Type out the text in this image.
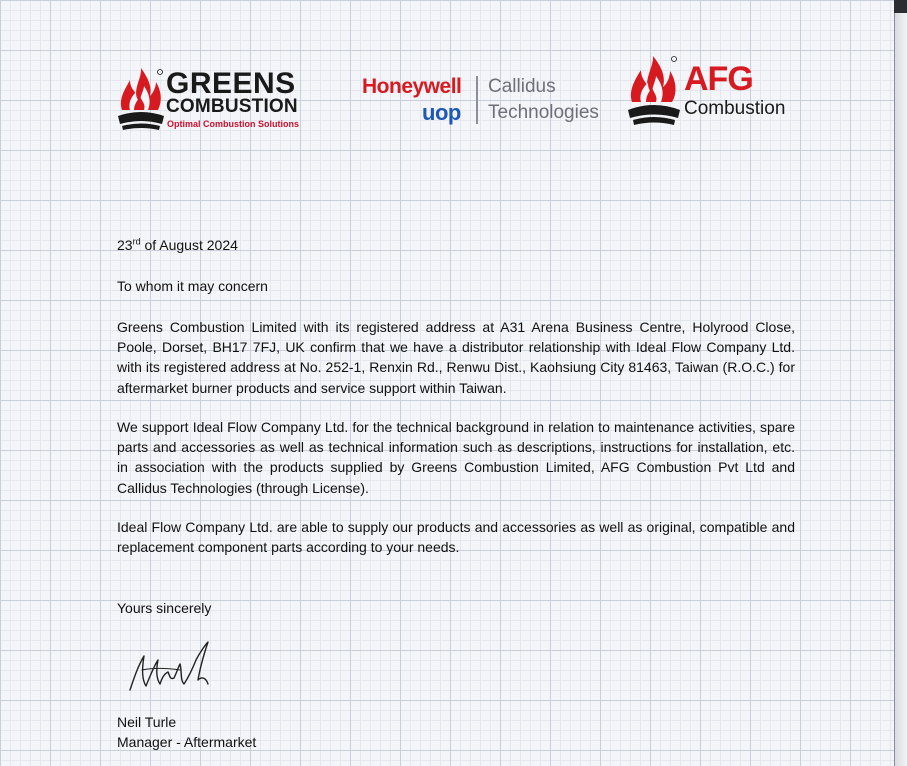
GREENS
COMBUSTION
Optimal Combustion Solutions
Honeywell
uop
Callidus
Technologies
AFG
Combustion
23rd of August 2024
To whom it may concern
Greens Combustion Limited with its registered address at A31 Arena Business Centre, Holyrood Close, Poole, Dorset, BH17 7FJ, UK confirm that we have a distributor relationship with Ideal Flow Company Ltd. with its registered address at No. 252-1, Renxin Rd., Renwu Dist., Kaohsiung City 81463, Taiwan (R.O.C.) for aftermarket burner products and service support within Taiwan.
We support Ideal Flow Company Ltd. for the technical background in relation to maintenance activities, spare parts and accessories as well as technical information such as descriptions, instructions for installation, etc. in association with the products supplied by Greens Combustion Limited, AFG Combustion Pvt Ltd and Callidus Technologies (through License).
Ideal Flow Company Ltd. are able to supply our products and accessories as well as original, compatible and replacement component parts according to your needs.
Yours sincerely
Neil Turle
Manager - Aftermarket
